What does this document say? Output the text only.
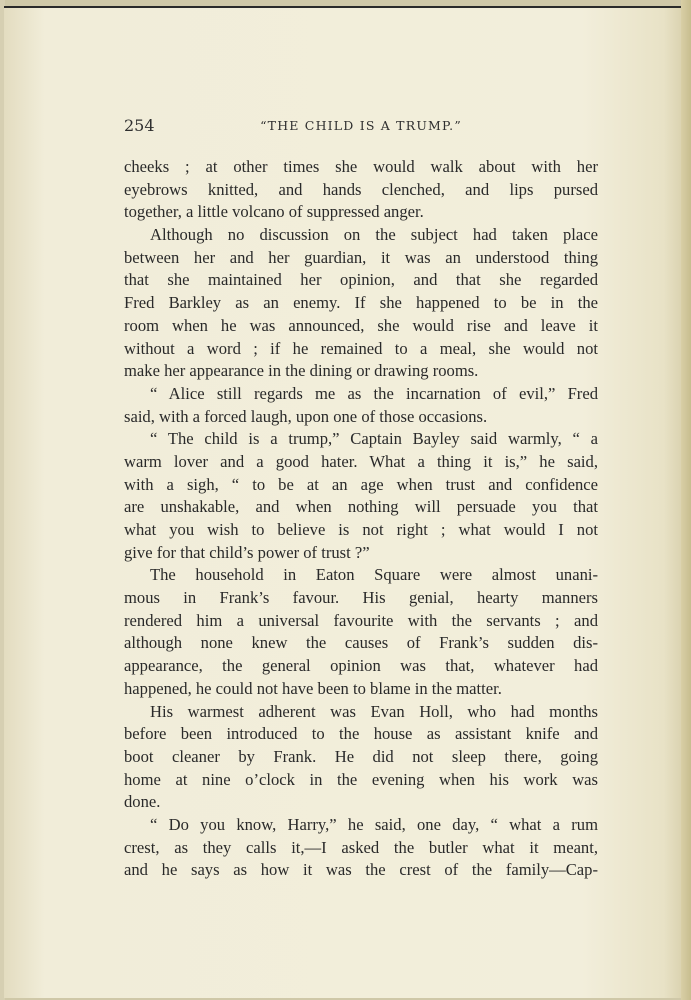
254	“THE CHILD IS A TRUMP.”
cheeks ; at other times she would walk about with her
eyebrows knitted, and hands clenched, and lips pursed
together, a little volcano of suppressed anger.
Although no discussion on the subject had taken place
between her and her guardian, it was an understood thing
that she maintained her opinion, and that she regarded
Fred Barkley as an enemy. If she happened to be in the
room when he was announced, she would rise and leave it
without a word ; if he remained to a meal, she would not
make her appearance in the dining or drawing rooms.
“ Alice still regards me as the incarnation of evil,” Fred
said, with a forced laugh, upon one of those occasions.
“ The child is a trump,” Captain Bayley said warmly, “ a
warm lover and a good hater. What a thing it is,” he said,
with a sigh, “ to be at an age when trust and confidence
are unshakable, and when nothing will persuade you that
what you wish to believe is not right ; what would I not
give for that child’s power of trust ?”
The household in Eaton Square were almost unani-
mous in Frank’s favour. His genial, hearty manners
rendered him a universal favourite with the servants ; and
although none knew the causes of Frank’s sudden dis-
appearance, the general opinion was that, whatever had
happened, he could not have been to blame in the matter.
His warmest adherent was Evan Holl, who had months
before been introduced to the house as assistant knife and
boot cleaner by Frank. He did not sleep there, going
home at nine o’clock in the evening when his work was
done.
“ Do you know, Harry,” he said, one day, “ what a rum
crest, as they calls it,—I asked the butler what it meant,
and he says as how it was the crest of the family—Cap-
